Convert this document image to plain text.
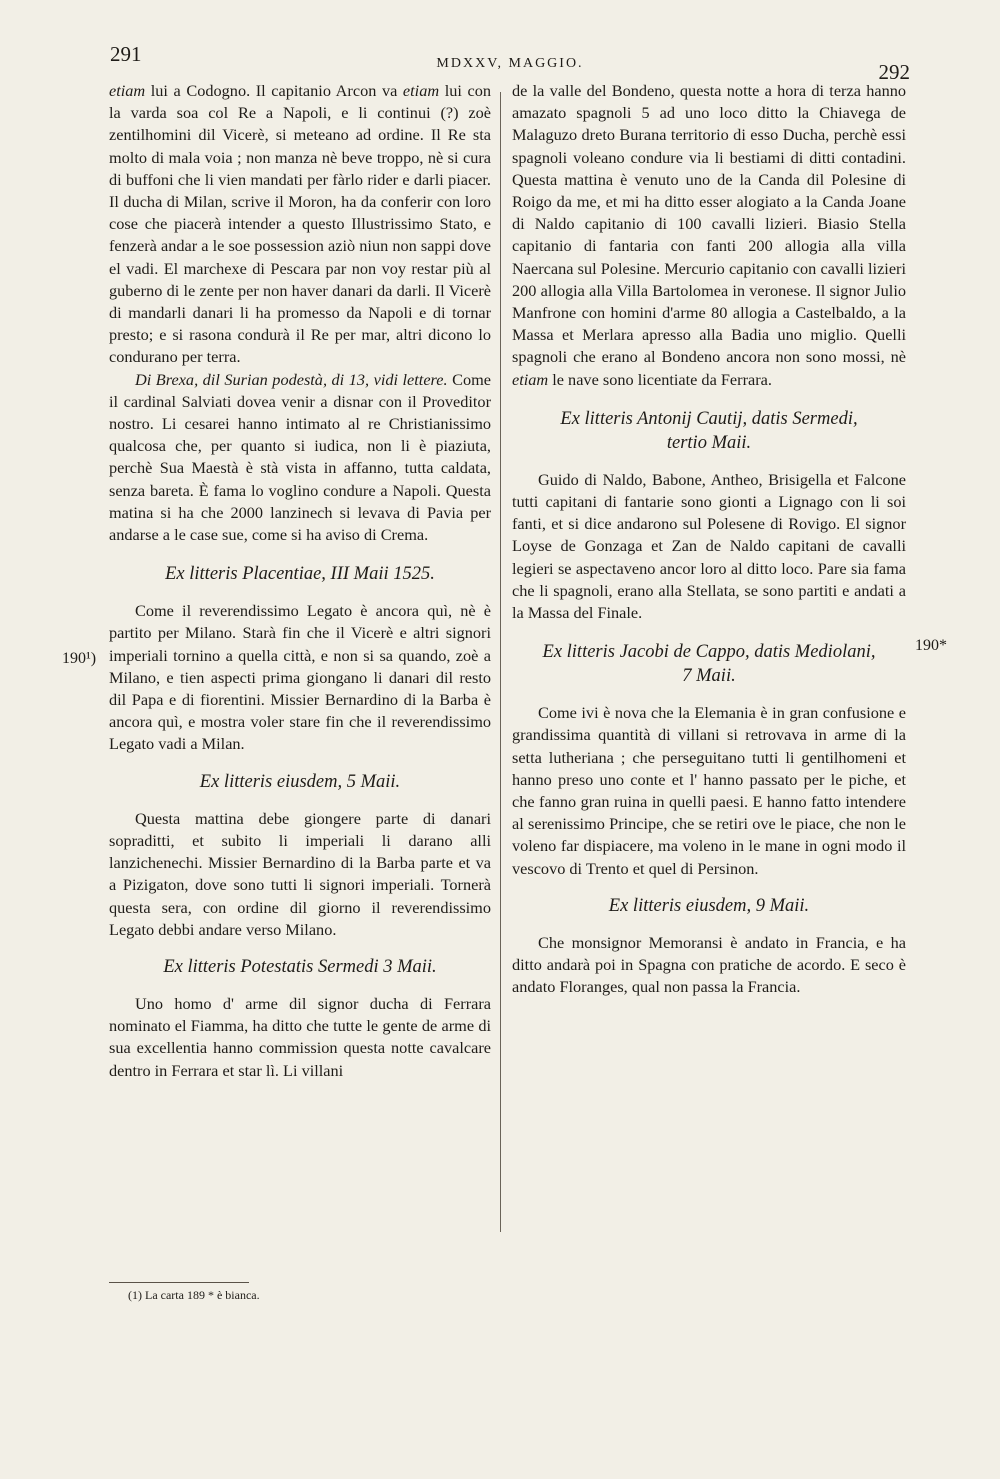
291	MDXXV, MAGGIO.	292
190¹)
190*

etiam lui a Codogno. Il capitanio Arcon va etiam lui con la varda soa col Re a Napoli, e li continui (?) zoè zentilhomini dil Vicerè, si meteano ad ordine. Il Re sta molto di mala voia ; non manza nè beve troppo, nè si cura di buffoni che li vien mandati per fàrlo rider e darli piacer. Il ducha di Milan, scrive il Moron, ha da conferir con loro cose che piacerà intender a questo Illustrissimo Stato, e fenzerà andar a le soe possession aziò niun non sappi dove el vadi. El marchexe di Pescara par non voy restar più al guberno di le zente per non haver danari da darli. Il Vicerè di mandarli danari li ha promesso da Napoli e di tornar presto; e si rasona condurà il Re per mar, altri dicono lo condurano per terra.

Di Brexa, dil Surian podestà, di 13, vidi lettere. Come il cardinal Salviati dovea venir a disnar con il Proveditor nostro. Li cesarei hanno intimato al re Christianissimo qualcosa che, per quanto si iudica, non li è piaziuta, perchè Sua Maestà è stà vista in affanno, tutta caldata, senza bareta. È fama lo voglino condure a Napoli. Questa matina si ha che 2000 lanzinech si levava di Pavia per andarse a le case sue, come si ha aviso di Crema.

Ex litteris Placentiae, III Maii 1525.

Come il reverendissimo Legato è ancora quì, nè è partito per Milano. Starà fin che il Vicerè e altri signori imperiali tornino a quella città, e non si sa quando, zoè a Milano, e tien aspecti prima giongano li danari dil resto dil Papa e di fiorentini. Missier Bernardino di la Barba è ancora quì, e mostra voler stare fin che il reverendissimo Legato vadi a Milan.

Ex litteris eiusdem, 5 Maii.

Questa mattina debe giongere parte di danari sopraditti, et subito li imperiali li darano alli lanzichenechi. Missier Bernardino di la Barba parte et va a Pizigaton, dove sono tutti li signori imperiali. Tornerà questa sera, con ordine dil giorno il reverendissimo Legato debbi andare verso Milano.

Ex litteris Potestatis Sermedi 3 Maii.

Uno homo d' arme dil signor ducha di Ferrara nominato el Fiamma, ha ditto che tutte le gente de arme di sua excellentia hanno commission questa notte cavalcare dentro in Ferrara et star lì. Li villani

de la valle del Bondeno, questa notte a hora di terza hanno amazato spagnoli 5 ad uno loco ditto la Chiavega de Malaguzo dreto Burana territorio di esso Ducha, perchè essi spagnoli voleano condure via li bestiami di ditti contadini. Questa mattina è venuto uno de la Canda dil Polesine di Roigo da me, et mi ha ditto esser alogiato a la Canda Joane di Naldo capitanio di 100 cavalli lizieri. Biasio Stella capitanio di fantaria con fanti 200 allogia alla villa Naercana sul Polesine. Mercurio capitanio con cavalli lizieri 200 allogia alla Villa Bartolomea in veronese. Il signor Julio Manfrone con homini d'arme 80 allogia a Castelbaldo, a la Massa et Merlara apresso alla Badia uno miglio. Quelli spagnoli che erano al Bondeno ancora non sono mossi, nè etiam le nave sono licentiate da Ferrara.

Ex litteris Antonij Cautij, datis Sermedi,
tertio Maii.

Guido di Naldo, Babone, Antheo, Brisigella et Falcone tutti capitani di fantarie sono gionti a Lignago con li soi fanti, et si dice andarono sul Polesene di Rovigo. El signor Loyse de Gonzaga et Zan de Naldo capitani de cavalli legieri se aspectaveno ancor loro al ditto loco. Pare sia fama che li spagnoli, erano alla Stellata, se sono partiti e andati a la Massa del Finale.

Ex litteris Jacobi de Cappo, datis Mediolani,
7 Maii.

Come ivi è nova che la Elemania è in gran confusione e grandissima quantità di villani si retrovava in arme di la setta lutheriana ; che perseguitano tutti li gentilhomeni et hanno preso uno conte et l' hanno passato per le piche, et che fanno gran ruina in quelli paesi. E hanno fatto intendere al serenissimo Principe, che se retiri ove le piace, che non le voleno far dispiacere, ma voleno in le mane in ogni modo il vescovo di Trento et quel di Persinon.

Ex litteris eiusdem, 9 Maii.

Che monsignor Memoransi è andato in Francia, e ha ditto andarà poi in Spagna con pratiche de acordo. E seco è andato Floranges, qual non passa la Francia.

(1) La carta 189 * è bianca.
